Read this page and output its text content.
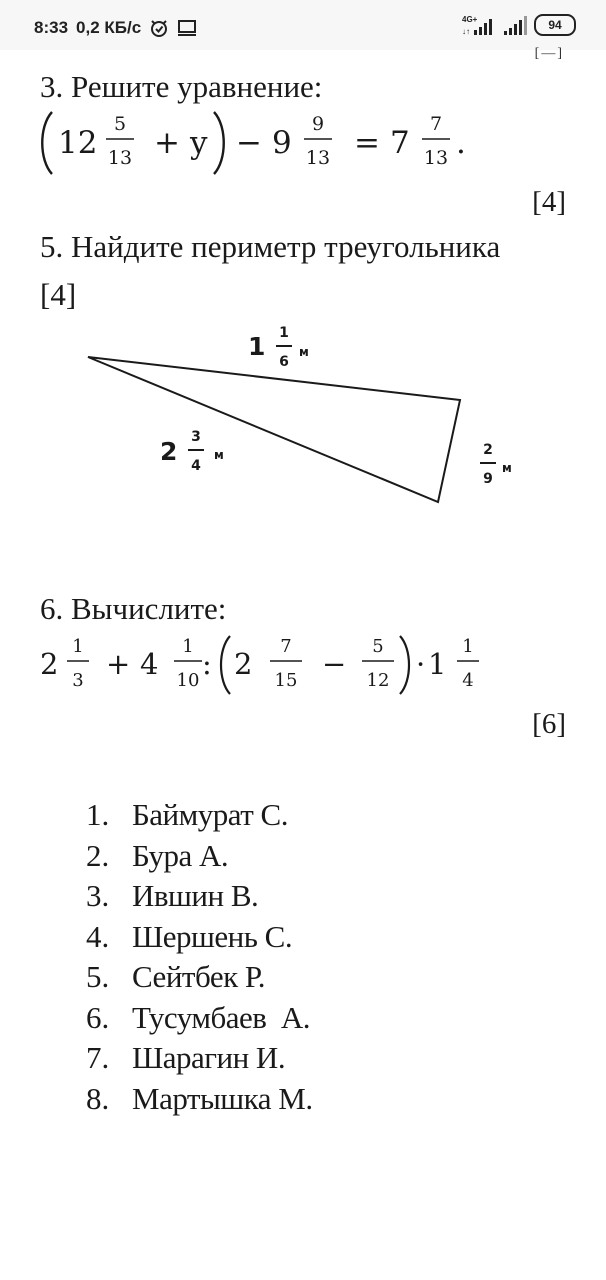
8:33 0,2 КБ/с	4G+
↓↑	94
[—]
3. Решите уравнение:
12
5
13 + y − 9
9
13 = 7
7
13 .
[4]
5. Найдите периметр треугольника
[4]
1 1
6
м
2 3
4
м	2
9
м
6. Вычислите:
2
1
3 + 4
1
10 : 2
7
15 −
5
12 · 1
1
4
[6]
1. Баймурат С.
2. Бура А.
3. Ившин В.
4. Шершень С.
5. Сейтбек Р.
6. Тусумбаев  А.
7. Шарагин И.
8. Мартышка М.
